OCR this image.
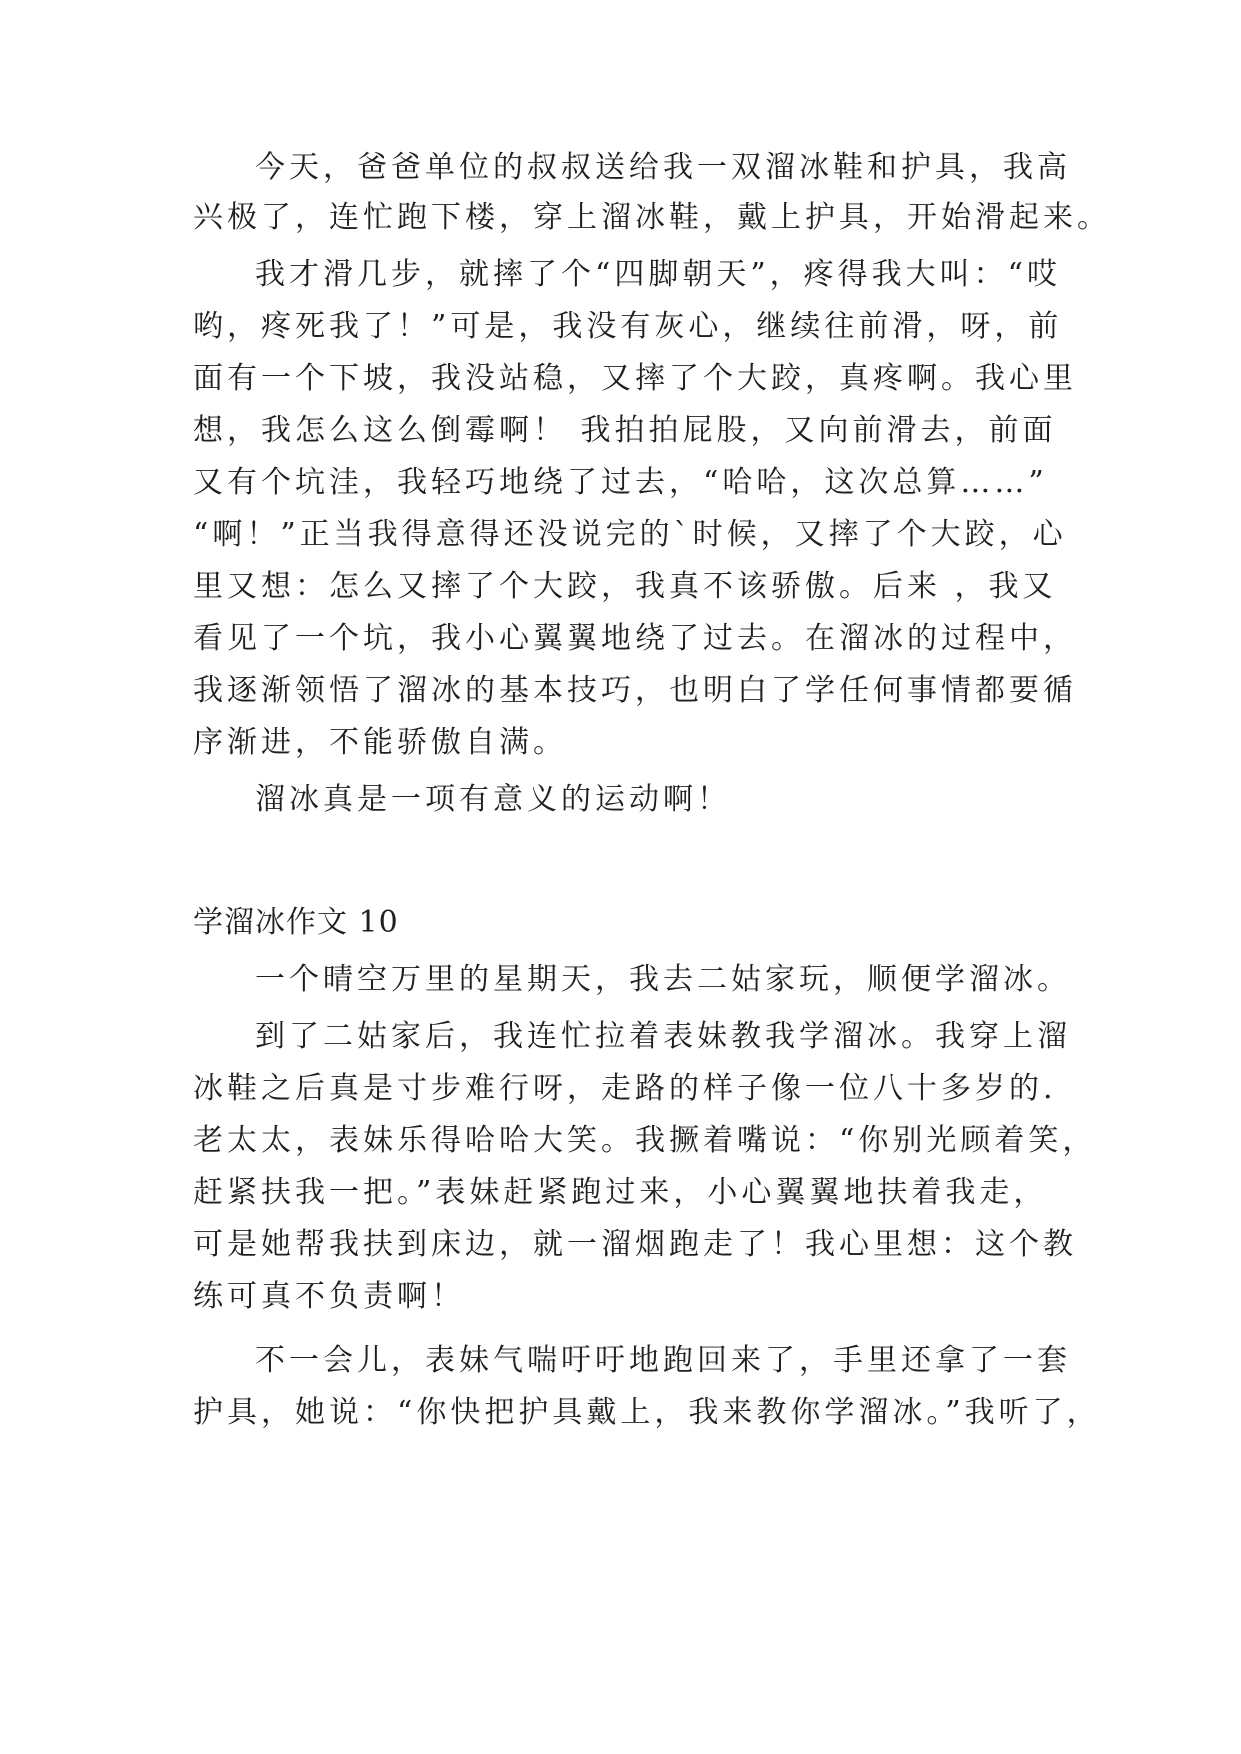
今天，爸爸单位的叔叔送给我一双溜冰鞋和护具，我高
兴极了，连忙跑下楼，穿上溜冰鞋，戴上护具，开始滑起来。
我才滑几步，就摔了个“四脚朝天”，疼得我大叫：“哎
哟，疼死我了！”可是，我没有灰心，继续往前滑，呀，前
面有一个下坡，我没站稳，又摔了个大跤，真疼啊。我心里
想，我怎么这么倒霉啊！ 我拍拍屁股，又向前滑去，前面
又有个坑洼，我轻巧地绕了过去，“哈哈，这次总算……”
“啊！”正当我得意得还没说完的`时候，又摔了个大跤，心
里又想：怎么又摔了个大跤，我真不该骄傲。后来 ，我又
看见了一个坑，我小心翼翼地绕了过去。在溜冰的过程中，
我逐渐领悟了溜冰的基本技巧，也明白了学任何事情都要循
序渐进，不能骄傲自满。
溜冰真是一项有意义的运动啊！
学溜冰作文 10
一个晴空万里的星期天，我去二姑家玩，顺便学溜冰。
到了二姑家后，我连忙拉着表妹教我学溜冰。我穿上溜
冰鞋之后真是寸步难行呀，走路的样子像一位八十多岁的.
老太太，表妹乐得哈哈大笑。我撅着嘴说：“你别光顾着笑，
赶紧扶我一把。”表妹赶紧跑过来，小心翼翼地扶着我走，
可是她帮我扶到床边，就一溜烟跑走了！我心里想：这个教
练可真不负责啊！
不一会儿，表妹气喘吁吁地跑回来了，手里还拿了一套
护具，她说：“你快把护具戴上，我来教你学溜冰。”我听了，
